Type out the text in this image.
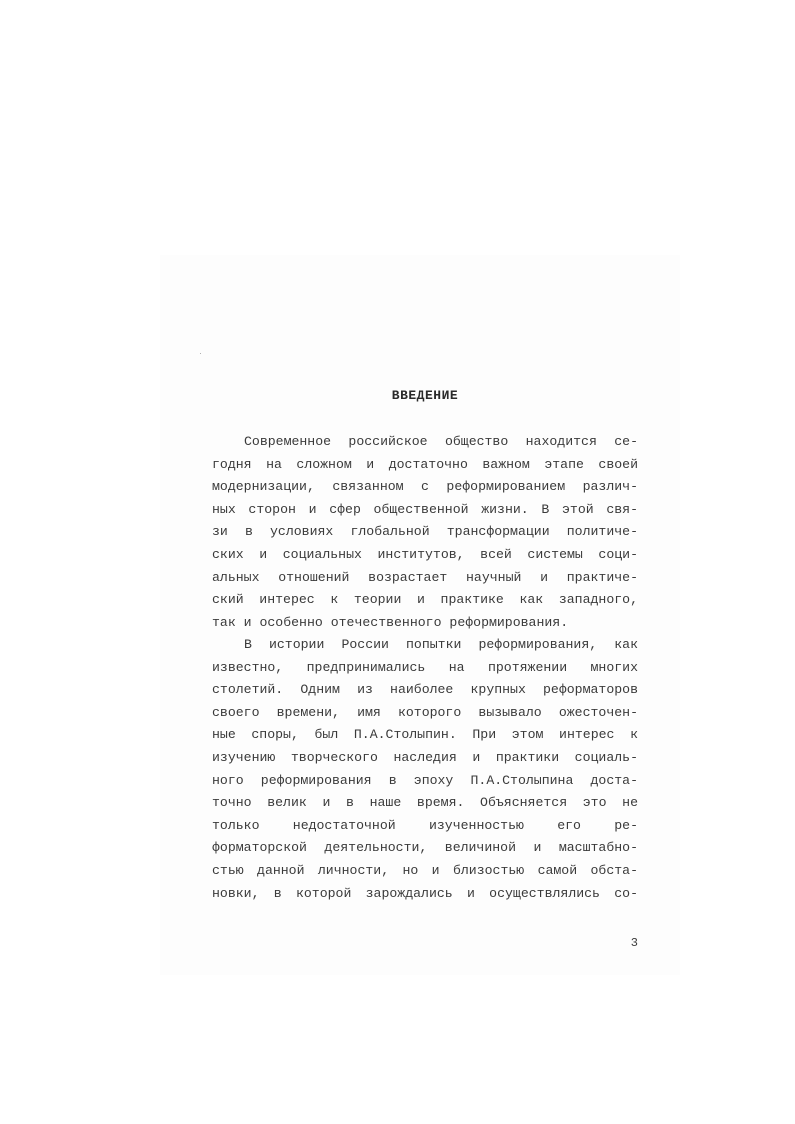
ВВЕДЕНИЕ
Современное российское общество находится се-
годня на сложном и достаточно важном этапе своей
модернизации, связанном с реформированием различ-
ных сторон и сфер общественной жизни. В этой свя-
зи в условиях глобальной трансформации политиче-
ских и социальных институтов, всей системы соци-
альных отношений возрастает научный и практиче-
ский интерес к теории и практике как западного,
так и особенно отечественного реформирования.
В истории России попытки реформирования, как
известно, предпринимались на протяжении многих
столетий. Одним из наиболее крупных реформаторов
своего времени, имя которого вызывало ожесточен-
ные споры, был П.А.Столыпин. При этом интерес к
изучению творческого наследия и практики социаль-
ного реформирования в эпоху П.А.Столыпина доста-
точно велик и в наше время. Объясняется это не
только недостаточной изученностью его ре-
форматорской деятельности, величиной и масштабно-
стью данной личности, но и близостью самой обста-
новки, в которой зарождались и осуществлялись со-
3
